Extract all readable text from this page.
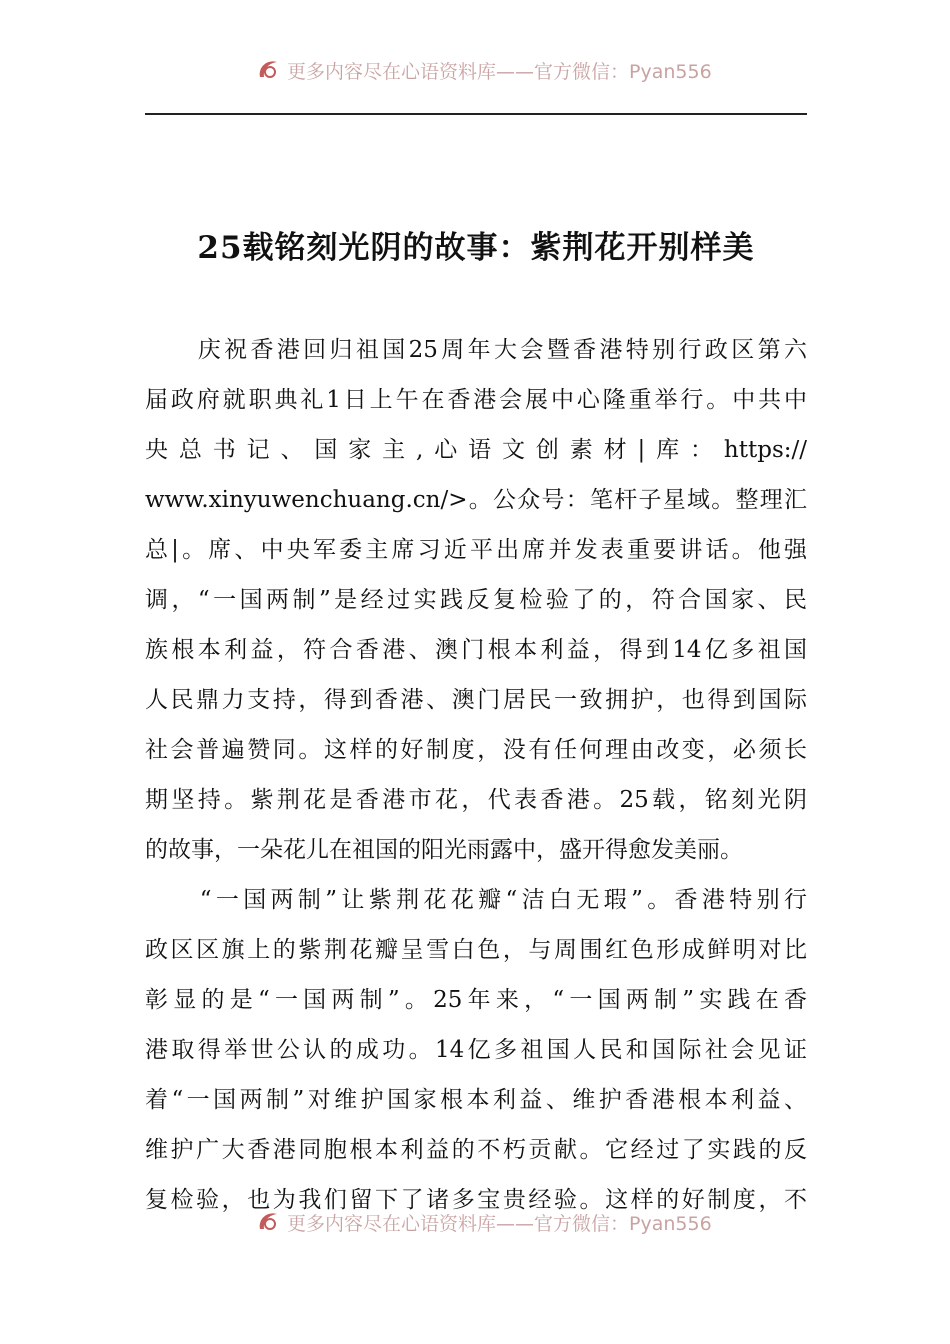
更多内容尽在心语资料库——官方微信：Pyan556
25载铭刻光阴的故事：紫荆花开别样美
　　庆祝香港回归祖国25周年大会暨香港特别行政区第六
届政府就职典礼1日上午在香港会展中心隆重举行。中共中
央总书记、国家主,心语文创素材|库：https://
www.xinyuwenchuang.cn/>。公众号：笔杆子星域。整理汇
总|。席、中央军委主席习近平出席并发表重要讲话。他强
调，“一国两制”是经过实践反复检验了的，符合国家、民
族根本利益，符合香港、澳门根本利益，得到14亿多祖国
人民鼎力支持，得到香港、澳门居民一致拥护，也得到国际
社会普遍赞同。这样的好制度，没有任何理由改变，必须长
期坚持。紫荆花是香港市花，代表香港。25载，铭刻光阴
的故事，一朵花儿在祖国的阳光雨露中，盛开得愈发美丽。
　　“一国两制”让紫荆花花瓣“洁白无瑕”。香港特别行
政区区旗上的紫荆花瓣呈雪白色，与周围红色形成鲜明对比
彰显的是“一国两制”。25年来，“一国两制”实践在香
港取得举世公认的成功。14亿多祖国人民和国际社会见证
着“一国两制”对维护国家根本利益、维护香港根本利益、
维护广大香港同胞根本利益的不朽贡献。它经过了实践的反
复检验，也为我们留下了诸多宝贵经验。这样的好制度，不
更多内容尽在心语资料库——官方微信：Pyan556
